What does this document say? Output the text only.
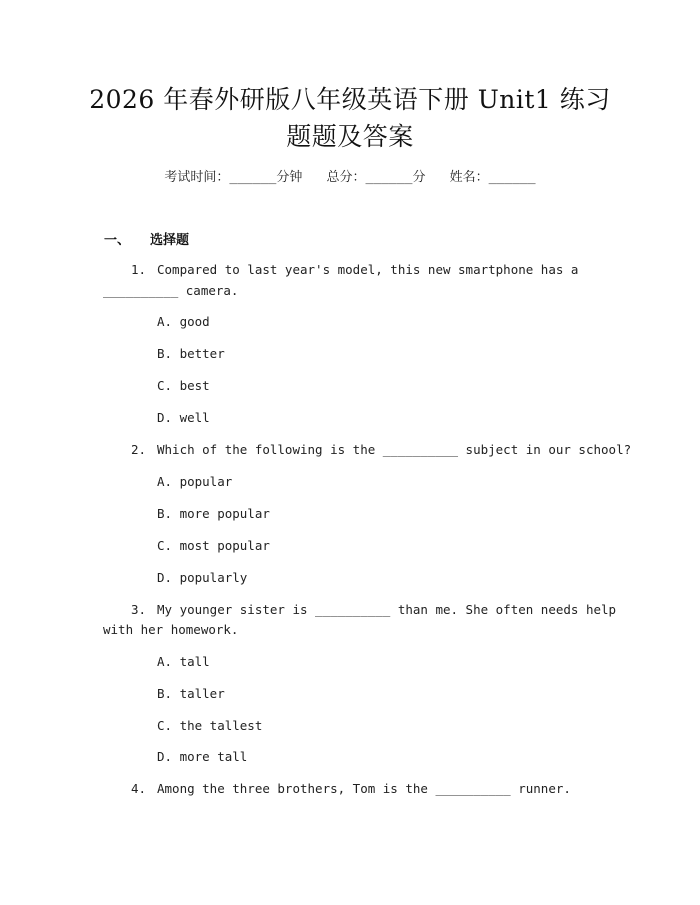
2026 年春外研版八年级英语下册 Unit1 练习
题题及答案
考试时间：______分钟 总分：______分 姓名：______
一、 选择题
1. Compared to last year's model, this new smartphone has a
__________ camera.
A. good
B. better
C. best
D. well
2. Which of the following is the __________ subject in our school?
A. popular
B. more popular
C. most popular
D. popularly
3. My younger sister is __________ than me. She often needs help
with her homework.
A. tall
B. taller
C. the tallest
D. more tall
4. Among the three brothers, Tom is the __________ runner.
